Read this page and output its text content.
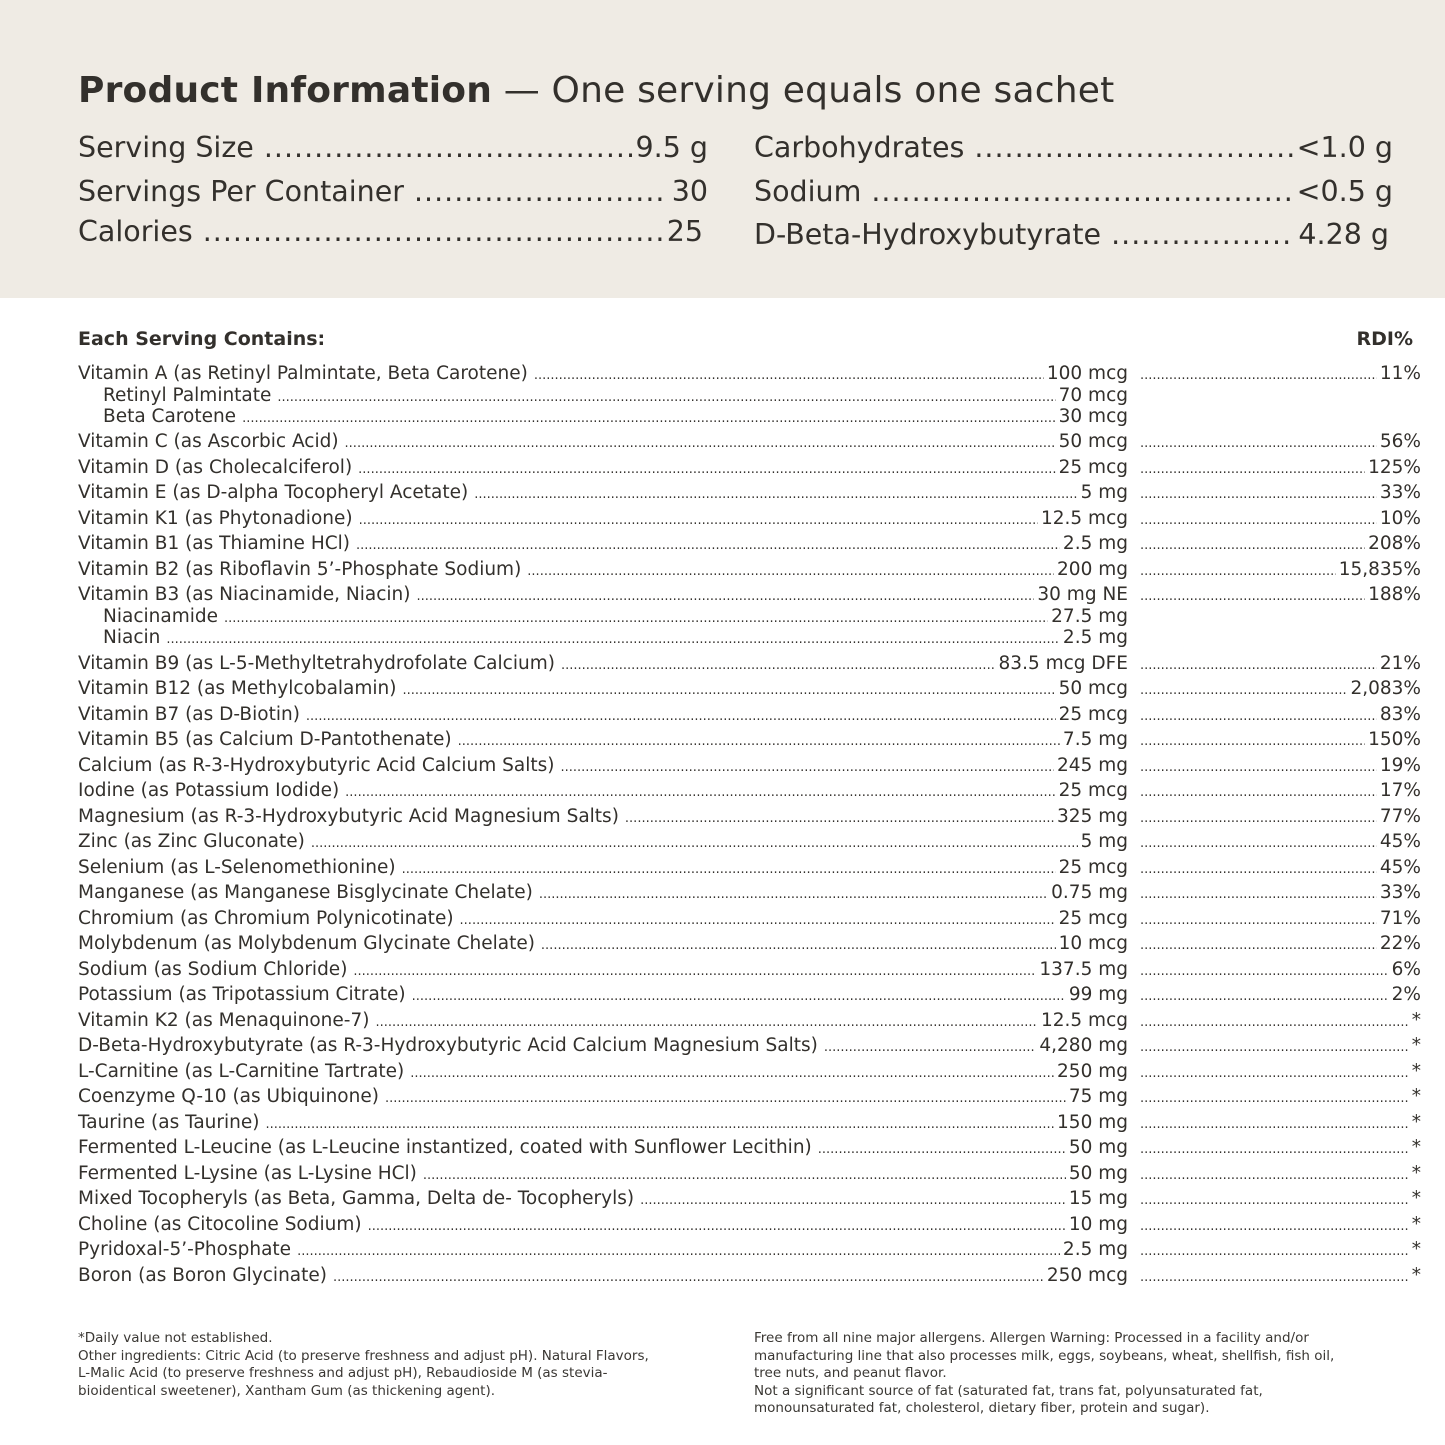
Product Information — One serving equals one sachet
Serving Size .....	9.5 g
Servings Per Container .....	30
Calories .....	25
Carbohydrates .....	<1.0 g
Sodium .....	<0.5 g
D-Beta-Hydroxybutyrate .....	4.28 g
Each Serving Contains:	RDI%
Vitamin A (as Retinyl Palmintate, Beta Carotene) .....	100 mcg .....	11%
Retinyl Palmintate .....	70 mcg
Beta Carotene .....	30 mcg
Vitamin C (as Ascorbic Acid) .....	50 mcg .....	56%
Vitamin D (as Cholecalciferol) .....	25 mcg .....	125%
Vitamin E (as D-alpha Tocopheryl Acetate) .....	5 mg .....	33%
Vitamin K1 (as Phytonadione) .....	12.5 mcg .....	10%
Vitamin B1 (as Thiamine HCl) .....	2.5 mg .....	208%
Vitamin B2 (as Riboflavin 5’-Phosphate Sodium) .....	200 mg .....	15,835%
Vitamin B3 (as Niacinamide, Niacin) .....	30 mg NE .....	188%
Niacinamide .....	27.5 mg
Niacin .....	2.5 mg
Vitamin B9 (as L-5-Methyltetrahydrofolate Calcium) .....	83.5 mcg DFE .....	21%
Vitamin B12 (as Methylcobalamin) .....	50 mcg .....	2,083%
Vitamin B7 (as D-Biotin) .....	25 mcg .....	83%
Vitamin B5 (as Calcium D-Pantothenate) .....	7.5 mg .....	150%
Calcium (as R-3-Hydroxybutyric Acid Calcium Salts) .....	245 mg .....	19%
Iodine (as Potassium Iodide) .....	25 mcg .....	17%
Magnesium (as R-3-Hydroxybutyric Acid Magnesium Salts) .....	325 mg .....	77%
Zinc (as Zinc Gluconate) .....	5 mg .....	45%
Selenium (as L-Selenomethionine) .....	25 mcg .....	45%
Manganese (as Manganese Bisglycinate Chelate) .....	0.75 mg .....	33%
Chromium (as Chromium Polynicotinate) .....	25 mcg .....	71%
Molybdenum (as Molybdenum Glycinate Chelate) .....	10 mcg .....	22%
Sodium (as Sodium Chloride) .....	137.5 mg .....	6%
Potassium (as Tripotassium Citrate) .....	99 mg .....	2%
Vitamin K2 (as Menaquinone-7) .....	12.5 mcg .....	*
D-Beta-Hydroxybutyrate (as R-3-Hydroxybutyric Acid Calcium Magnesium Salts) .....	4,280 mg .....	*
L-Carnitine (as L-Carnitine Tartrate) .....	250 mg .....	*
Coenzyme Q-10 (as Ubiquinone) .....	75 mg .....	*
Taurine (as Taurine) .....	150 mg .....	*
Fermented L-Leucine (as L-Leucine instantized, coated with Sunflower Lecithin) .....	50 mg .....	*
Fermented L-Lysine (as L-Lysine HCl) .....	50 mg .....	*
Mixed Tocopheryls (as Beta, Gamma, Delta de- Tocopheryls) .....	15 mg .....	*
Choline (as Citocoline Sodium) .....	10 mg .....	*
Pyridoxal-5’-Phosphate .....	2.5 mg .....	*
Boron (as Boron Glycinate) .....	250 mcg .....	*

*Daily value not established.

Other ingredients: Citric Acid (to preserve freshness and adjust pH). Natural Flavors,

L-Malic Acid (to preserve freshness and adjust pH), Rebaudioside M (as stevia-

bioidentical sweetener), Xantham Gum (as thickening agent).

Free from all nine major allergens. Allergen Warning: Processed in a facility and/or

manufacturing line that also processes milk, eggs, soybeans, wheat, shellfish, fish oil,

tree nuts, and peanut flavor.

Not a significant source of fat (saturated fat, trans fat, polyunsaturated fat,

monounsaturated fat, cholesterol, dietary fiber, protein and sugar).
